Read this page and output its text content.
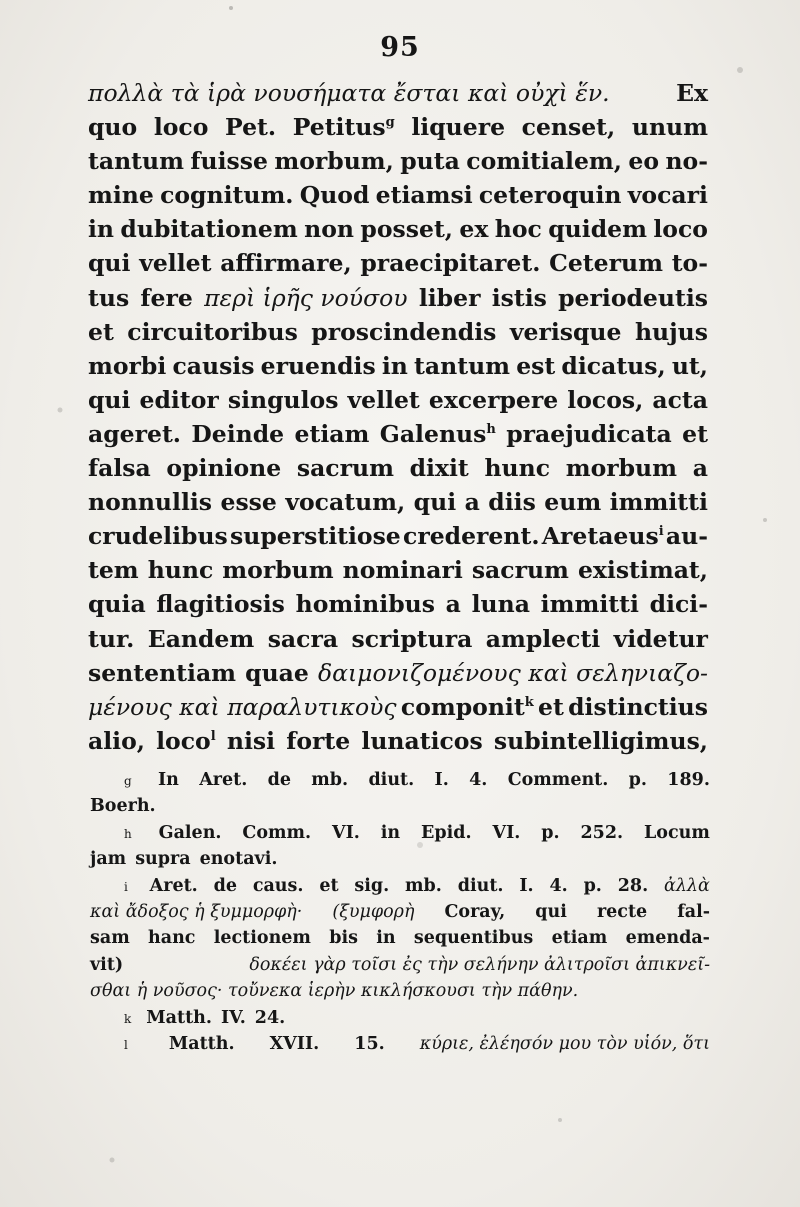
95
πολλὰ τὰ ἱρὰ νουσήματα ἔσται καὶ οὐχὶ ἕν.	Ex
quo loco Pet. Petitus$^g$ liquere censet, unum
tantum fuisse morbum, puta comitialem, eo no-
mine cognitum. Quod etiamsi ceteroquin vocari
in dubitationem non posset, ex hoc quidem loco
qui vellet affirmare, praecipitaret. Ceterum to-
tus fere περὶ ἱρῆς νούσου liber istis periodeutis
et circuitoribus proscindendis verisque hujus
morbi causis eruendis in tantum est dicatus, ut,
qui editor singulos vellet excerpere locos, acta
ageret. Deinde etiam Galenus$^h$ praejudicata et
falsa opinione sacrum dixit hunc morbum a
nonnullis esse vocatum, qui a diis eum immitti
crudelibus superstitiose crederent. Aretaeus$^i$ au-
tem hunc morbum nominari sacrum existimat,
quia flagitiosis hominibus a luna immitti dici-
tur. Eandem sacra scriptura amplecti videtur
sententiam quae δαιμονιζομένους καὶ σεληνιαζο-
μένους καὶ παραλυτικοὺς componit$^k$ et distinctius
alio, loco$^l$ nisi forte lunaticos subintelligimus,
g In Aret. de mb. diut. I. 4. Comment. p. 189.
Boerh.
h Galen. Comm. VI. in Epid. VI. p. 252. Locum
jam supra enotavi.
i Aret. de caus. et sig. mb. diut. I. 4. p. 28. ἀλλὰ
καὶ ἄδοξος ἡ ξυμμορφὴ· (ξυμφορὴ Coray, qui recte fal-
sam hanc lectionem bis in sequentibus etiam emenda-
vit)	δοκέει γὰρ τοῖσι ἐς τὴν σελήνην ἀλιτροῖσι ἀπικνεῖ-
σθαι ἡ νοῦσος· τοὔνεκα ἱερὴν κικλήσκουσι τὴν πάθην.
k Matth. IV. 24.
l Matth. XVII. 15. κύριε, ἐλέησόν μου τὸν υἱόν, ὅτι
